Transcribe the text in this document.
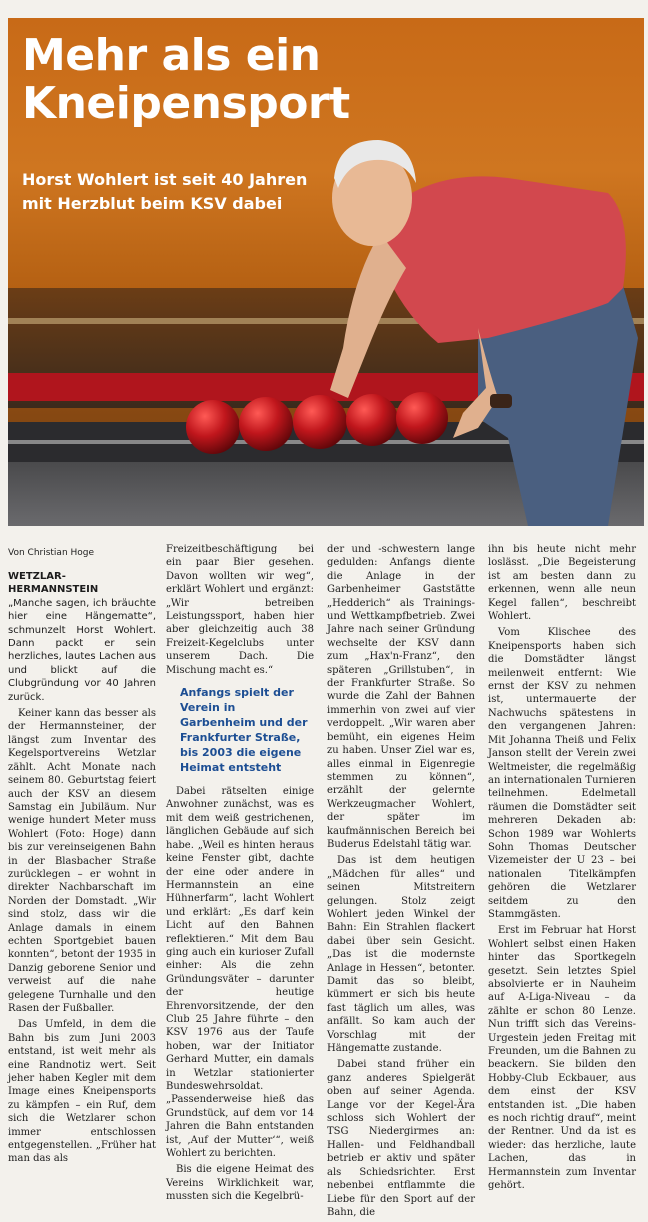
Mehr als ein Kneipensport
Horst Wohlert ist seit 40 Jahren mit Herzblut beim KSV dabei
Von Christian Hoge

WETZLAR-HERMANNSTEIN
„Manche sagen, ich bräuchte hier eine Hängematte“, schmunzelt Horst Wohlert. Dann packt er sein herzliches, lautes Lachen aus und blickt auf die Clubgründung vor 40 Jahren zurück.

Keiner kann das besser als der Hermannsteiner, der längst zum Inventar des Kegelsportvereins Wetzlar zählt. Acht Monate nach seinem 80. Geburtstag feiert auch der KSV an diesem Samstag ein Jubiläum. Nur wenige hundert Meter muss Wohlert (Foto: Hoge) dann bis zur vereinseigenen Bahn in der Blasbacher Straße zurücklegen – er wohnt in direkter Nachbarschaft im Norden der Domstadt. „Wir sind stolz, dass wir die Anlage damals in einem echten Sportgebiet bauen konnten“, betont der 1935 in Danzig geborene Senior und verweist auf die nahe gelegene Turnhalle und den Rasen der Fußballer.

Das Umfeld, in dem die Bahn bis zum Juni 2003 entstand, ist weit mehr als eine Randnotiz wert. Seit jeher haben Kegler mit dem Image eines Kneipensports zu kämpfen – ein Ruf, dem sich die Wetzlarer schon immer entschlossen entgegenstellen. „Früher hat man das als

Freizeitbeschäftigung bei ein paar Bier gesehen. Davon wollten wir weg“, erklärt Wohlert und ergänzt: „Wir betreiben Leistungssport, haben hier aber gleichzeitig auch 38 Freizeit-Kegelclubs unter unserem Dach. Die Mischung macht es.“

Anfangs spielt der Verein in Garbenheim und der Frankfurter Straße, bis 2003 die eigene Heimat entsteht

Dabei rätselten einige Anwohner zunächst, was es mit dem weiß gestrichenen, länglichen Gebäude auf sich habe. „Weil es hinten heraus keine Fenster gibt, dachte der eine oder andere in Hermannstein an eine Hühnerfarm“, lacht Wohlert und erklärt: „Es darf kein Licht auf den Bahnen reflektieren.“ Mit dem Bau ging auch ein kurioser Zufall einher: Als die zehn Gründungsväter – darunter der heutige Ehrenvorsitzende, der den Club 25 Jahre führte – den KSV 1976 aus der Taufe hoben, war der Initiator Gerhard Mutter, ein damals in Wetzlar stationierter Bundeswehrsoldat. „Passenderweise hieß das Grundstück, auf dem vor 14 Jahren die Bahn entstanden ist, ‚Auf der Mutter‘“, weiß Wohlert zu berichten.

Bis die eigene Heimat des Vereins Wirklichkeit war, mussten sich die Kegelbrü-

der und -schwestern lange gedulden: Anfangs diente die Anlage in der Garbenheimer Gaststätte „Hedderich“ als Trainings- und Wettkampfbetrieb. Zwei Jahre nach seiner Gründung wechselte der KSV dann zum „Hax'n-Franz“, den späteren „Grillstuben“, in der Frankfurter Straße. So wurde die Zahl der Bahnen immerhin von zwei auf vier verdoppelt. „Wir waren aber bemüht, ein eigenes Heim zu haben. Unser Ziel war es, alles einmal in Eigenregie stemmen zu können“, erzählt der gelernte Werkzeugmacher Wohlert, der später im kaufmännischen Bereich bei Buderus Edelstahl tätig war.

Das ist dem heutigen „Mädchen für alles“ und seinen Mitstreitern gelungen. Stolz zeigt Wohlert jeden Winkel der Bahn: Ein Strahlen flackert dabei über sein Gesicht. „Das ist die modernste Anlage in Hessen“, betonter. Damit das so bleibt, kümmert er sich bis heute fast täglich um alles, was anfällt. So kam auch der Vorschlag mit der Hängematte zustande.

Dabei stand früher ein ganz anderes Spielgerät oben auf seiner Agenda. Lange vor der Kegel-Ära schloss sich Wohlert der TSG Niedergirmes an: Hallen- und Feldhandball betrieb er aktiv und später als Schiedsrichter. Erst nebenbei entflammte die Liebe für den Sport auf der Bahn, die

ihn bis heute nicht mehr loslässt. „Die Begeisterung ist am besten dann zu erkennen, wenn alle neun Kegel fallen“, beschreibt Wohlert.

Vom Klischee des Kneipensports haben sich die Domstädter längst meilenweit entfernt: Wie ernst der KSV zu nehmen ist, untermauerte der Nachwuchs spätestens in den vergangenen Jahren: Mit Johanna Theiß und Felix Janson stellt der Verein zwei Weltmeister, die regelmäßig an internationalen Turnieren teilnehmen. Edelmetall räumen die Domstädter seit mehreren Dekaden ab: Schon 1989 war Wohlerts Sohn Thomas Deutscher Vizemeister der U 23 – bei nationalen Titelkämpfen gehören die Wetzlarer seitdem zu den Stammgästen.

Erst im Februar hat Horst Wohlert selbst einen Haken hinter das Sportkegeln gesetzt. Sein letztes Spiel absolvierte er in Nauheim auf A-Liga-Niveau – da zählte er schon 80 Lenze. Nun trifft sich das Vereins-Urgestein jeden Freitag mit Freunden, um die Bahnen zu beackern. Sie bilden den Hobby-Club Eckbauer, aus dem einst der KSV entstanden ist. „Die haben es noch richtig drauf“, meint der Rentner. Und da ist es wieder: das herzliche, laute Lachen, das in Hermannstein zum Inventar gehört.
